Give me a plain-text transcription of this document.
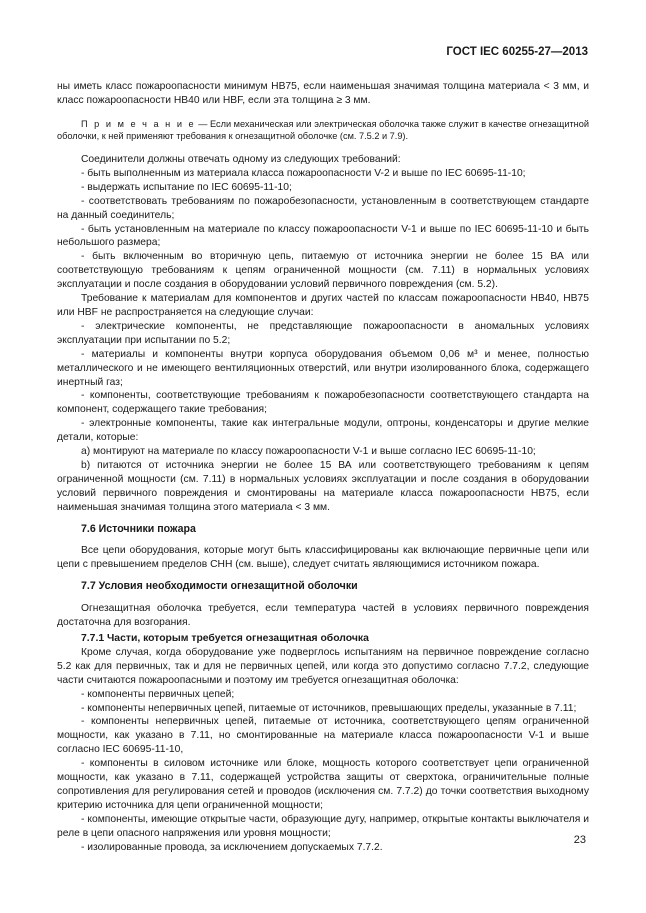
ГОСТ IEC 60255-27—2013

ны иметь класс пожароопасности минимум HB75, если наименьшая значимая толщина материала < 3 мм, и класс пожароопасности HB40 или HBF, если эта толщина ≥ 3 мм.

П р и м е ч а н и е — Если механическая или электрическая оболочка также служит в качестве огнезащитной оболочки, к ней применяют требования к огнезащитной оболочке (см. 7.5.2 и 7.9).

Соединители должны отвечать одному из следующих требований:

- быть выполненным из материала класса пожароопасности V-2 и выше по IEC 60695-11-10;

- выдержать испытание по IEC 60695-11-10;

- соответствовать требованиям по пожаробезопасности, установленным в соответствующем стандарте на данный соединитель;

- быть установленным на материале по классу пожароопасности V-1 и выше по IEC 60695-11-10 и быть небольшого размера;

- быть включенным во вторичную цепь, питаемую от источника энергии не более 15 ВА или соответствующую требованиям к цепям ограниченной мощности (см. 7.11) в нормальных условиях эксплуатации и после создания в оборудовании условий первичного повреждения (см. 5.2).

Требование к материалам для компонентов и других частей по классам пожароопасности HB40, HB75 или HBF не распространяется на следующие случаи:

- электрические компоненты, не представляющие пожароопасности в аномальных условиях эксплуатации при испытании по 5.2;

- материалы и компоненты внутри корпуса оборудования объемом 0,06 м³ и менее, полностью металлического и не имеющего вентиляционных отверстий, или внутри изолированного блока, содержащего инертный газ;

- компоненты, соответствующие требованиям к пожаробезопасности соответствующего стандарта на компонент, содержащего такие требования;

- электронные компоненты, такие как интегральные модули, оптроны, конденсаторы и другие мелкие детали, которые:

a) монтируют на материале по классу пожароопасности V-1 и выше согласно IEC 60695-11-10;

b) питаются от источника энергии не более 15 ВА или соответствующего требованиям к цепям ограниченной мощности (см. 7.11) в нормальных условиях эксплуатации и после создания в оборудовании условий первичного повреждения и смонтированы на материале класса пожароопасности HB75, если наименьшая значимая толщина этого материала < 3 мм.

7.6 Источники пожара

Все цепи оборудования, которые могут быть классифицированы как включающие первичные цепи или цепи с превышением пределов СНН (см. выше), следует считать являющимися источником пожара.

7.7 Условия необходимости огнезащитной оболочки

Огнезащитная оболочка требуется, если температура частей в условиях первичного повреждения достаточна для возгорания.

7.7.1 Части, которым требуется огнезащитная оболочка

Кроме случая, когда оборудование уже подверглось испытаниям на первичное повреждение согласно 5.2 как для первичных, так и для не первичных цепей, или когда это допустимо согласно 7.7.2, следующие части считаются пожароопасными и поэтому им требуется огнезащитная оболочка:

- компоненты первичных цепей;

- компоненты непервичных цепей, питаемые от источников, превышающих пределы, указанные в 7.11;

- компоненты непервичных цепей, питаемые от источника, соответствующего цепям ограниченной мощности, как указано в 7.11, но смонтированные на материале класса пожароопасности V-1 и выше согласно IEC 60695-11-10,

- компоненты в силовом источнике или блоке, мощность которого соответствует цепи ограниченной мощности, как указано в 7.11, содержащей устройства защиты от сверхтока, ограничительные полные сопротивления для регулирования сетей и проводов (исключения см. 7.7.2) до точки соответствия выходному критерию источника для цепи ограниченной мощности;

- компоненты, имеющие открытые части, образующие дугу, например, открытые контакты выключателя и реле в цепи опасного напряжения или уровня мощности;

- изолированные провода, за исключением допускаемых 7.7.2.

23
